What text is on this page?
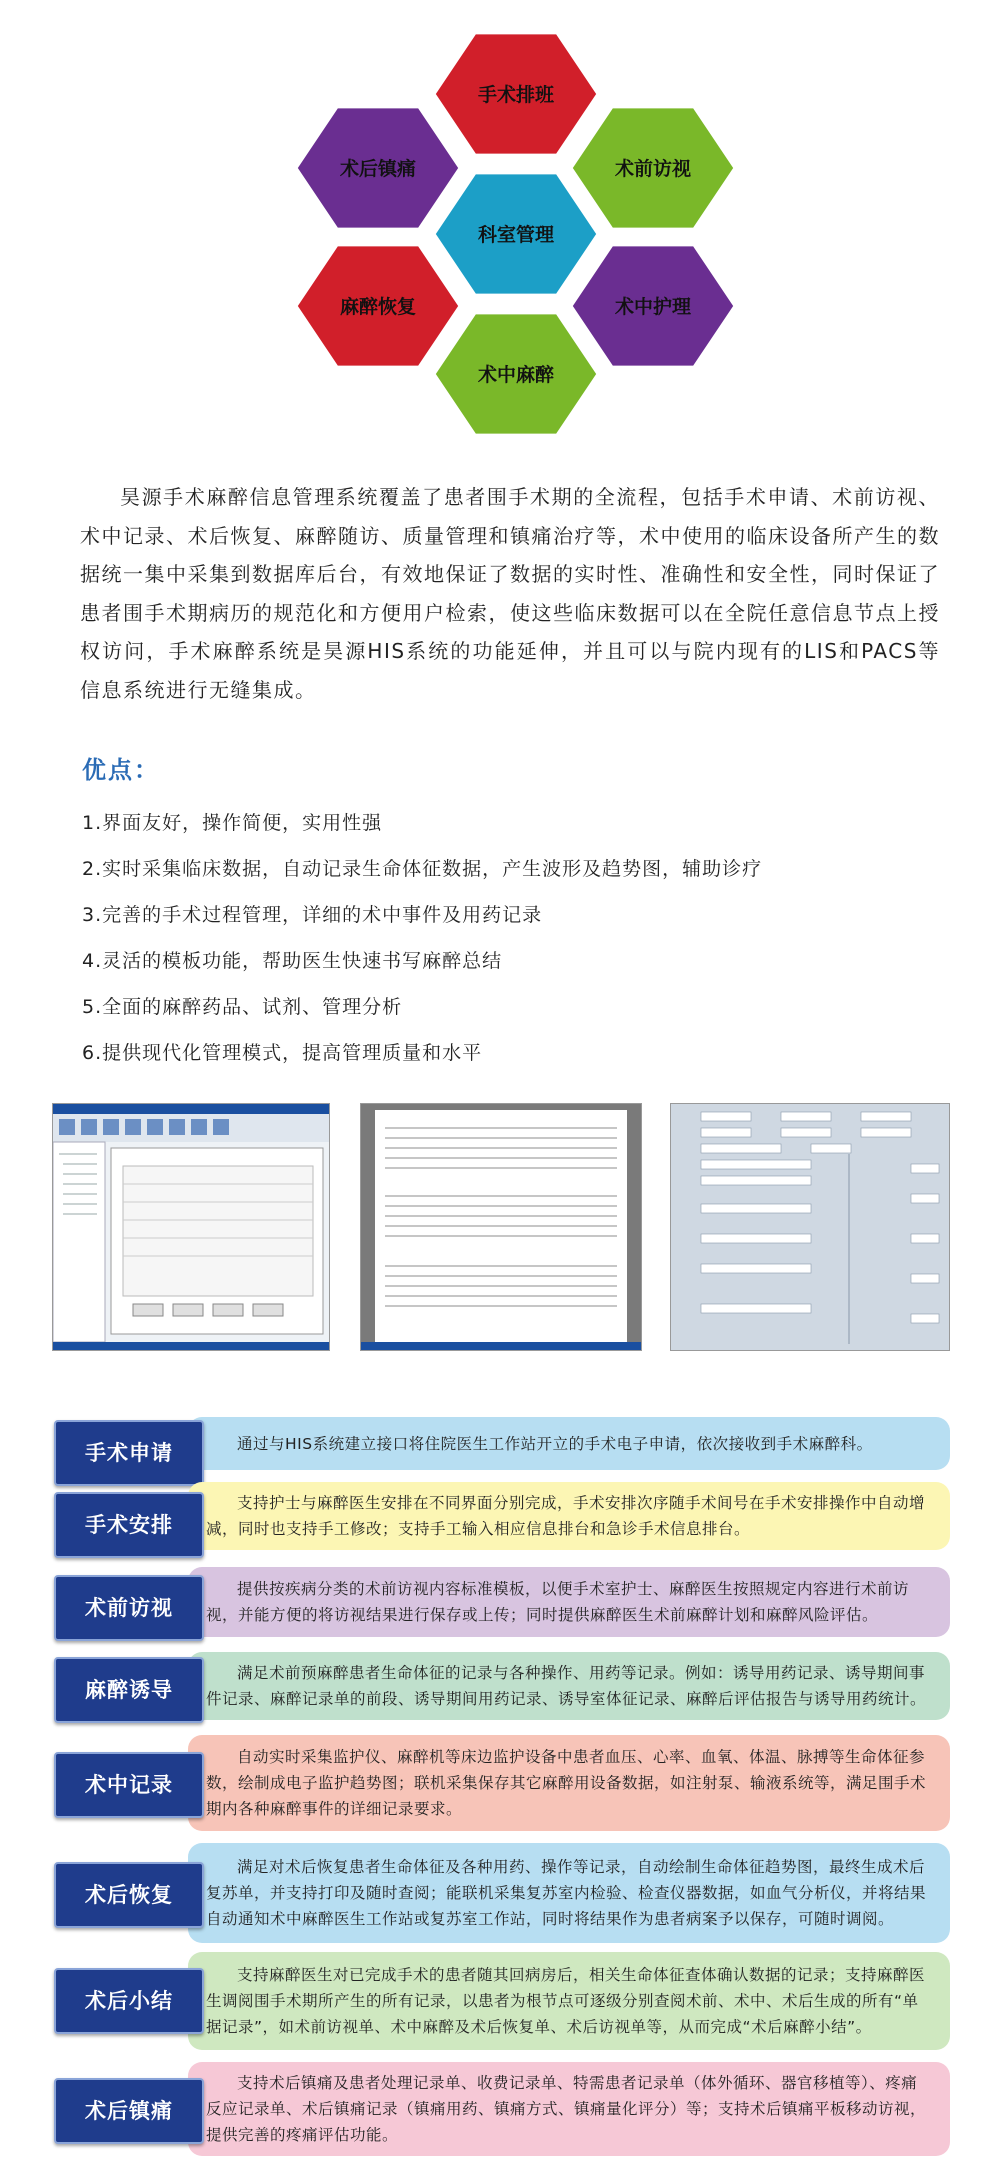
手术排班
术前访视
术中护理
术中麻醉
麻醉恢复
术后镇痛
科室管理
昊源手术麻醉信息管理系统覆盖了患者围手术期的全流程，包括手术申请、术前访视、术中记录、术后恢复、麻醉随访、质量管理和镇痛治疗等，术中使用的临床设备所产生的数据统一集中采集到数据库后台，有效地保证了数据的实时性、准确性和安全性，同时保证了患者围手术期病历的规范化和方便用户检索，使这些临床数据可以在全院任意信息节点上授权访问，手术麻醉系统是昊源HIS系统的功能延伸，并且可以与院内现有的LIS和PACS等信息系统进行无缝集成。
优点：
1.界面友好，操作简便，实用性强
2.实时采集临床数据，自动记录生命体征数据，产生波形及趋势图，辅助诊疗
3.完善的手术过程管理，详细的术中事件及用药记录
4.灵活的模板功能，帮助医生快速书写麻醉总结
5.全面的麻醉药品、试剂、管理分析
6.提供现代化管理模式，提高管理质量和水平
通过与HIS系统建立接口将住院医生工作站开立的手术电子申请，依次接收到手术麻醉科。
手术申请
支持护士与麻醉医生安排在不同界面分别完成，手术安排次序随手术间号在手术安排操作中自动增减，同时也支持手工修改；支持手工输入相应信息排台和急诊手术信息排台。
手术安排
提供按疾病分类的术前访视内容标准模板，以便手术室护士、麻醉医生按照规定内容进行术前访视，并能方便的将访视结果进行保存或上传；同时提供麻醉医生术前麻醉计划和麻醉风险评估。
术前访视
满足术前预麻醉患者生命体征的记录与各种操作、用药等记录。例如：诱导用药记录、诱导期间事件记录、麻醉记录单的前段、诱导期间用药记录、诱导室体征记录、麻醉后评估报告与诱导用药统计。
麻醉诱导
自动实时采集监护仪、麻醉机等床边监护设备中患者血压、心率、血氧、体温、脉搏等生命体征参数，绘制成电子监护趋势图；联机采集保存其它麻醉用设备数据，如注射泵、输液系统等，满足围手术期内各种麻醉事件的详细记录要求。
术中记录
满足对术后恢复患者生命体征及各种用药、操作等记录，自动绘制生命体征趋势图，最终生成术后复苏单，并支持打印及随时查阅；能联机采集复苏室内检验、检查仪器数据，如血气分析仪，并将结果自动通知术中麻醉医生工作站或复苏室工作站，同时将结果作为患者病案予以保存，可随时调阅。
术后恢复
支持麻醉医生对已完成手术的患者随其回病房后，相关生命体征查体确认数据的记录；支持麻醉医生调阅围手术期所产生的所有记录，以患者为根节点可逐级分别查阅术前、术中、术后生成的所有“单据记录”，如术前访视单、术中麻醉及术后恢复单、术后访视单等，从而完成“术后麻醉小结”。
术后小结
支持术后镇痛及患者处理记录单、收费记录单、特需患者记录单（体外循环、器官移植等）、疼痛反应记录单、术后镇痛记录（镇痛用药、镇痛方式、镇痛量化评分）等；支持术后镇痛平板移动访视，提供完善的疼痛评估功能。
术后镇痛
